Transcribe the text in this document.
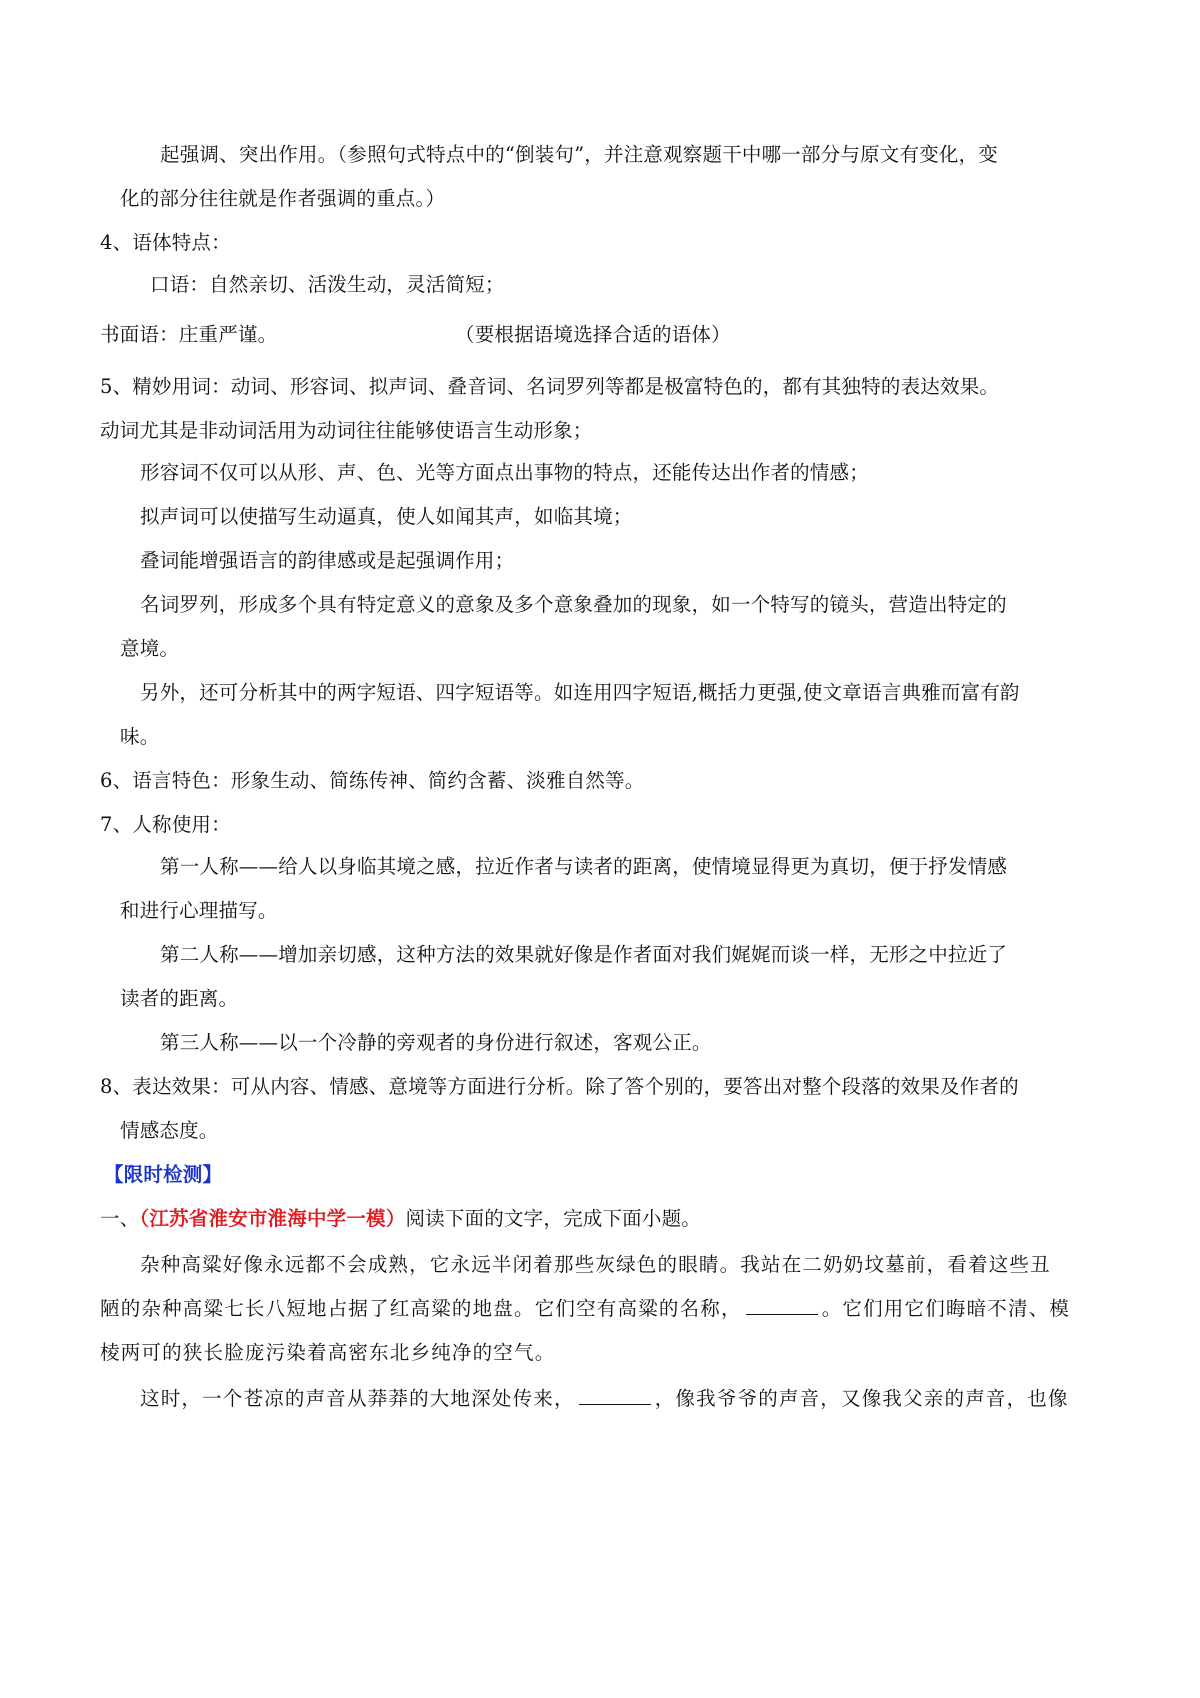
起强调、突出作用。（参照句式特点中的“倒装句”，并注意观察题干中哪一部分与原文有变化，变
化的部分往往就是作者强调的重点。）
4、语体特点：
口语：自然亲切、活泼生动，灵活简短；
书面语：庄重严谨。	（要根据语境选择合适的语体）
5、精妙用词：动词、形容词、拟声词、叠音词、名词罗列等都是极富特色的，都有其独特的表达效果。
动词尤其是非动词活用为动词往往能够使语言生动形象；
形容词不仅可以从形、声、色、光等方面点出事物的特点，还能传达出作者的情感；
拟声词可以使描写生动逼真，使人如闻其声，如临其境；
叠词能增强语言的韵律感或是起强调作用；
名词罗列，形成多个具有特定意义的意象及多个意象叠加的现象，如一个特写的镜头，营造出特定的
意境。
另外，还可分析其中的两字短语、四字短语等。如连用四字短语,概括力更强,使文章语言典雅而富有韵
味。
6、语言特色：形象生动、简练传神、简约含蓄、淡雅自然等。
7、人称使用：
第一人称——给人以身临其境之感，拉近作者与读者的距离，使情境显得更为真切，便于抒发情感
和进行心理描写。
第二人称——增加亲切感，这种方法的效果就好像是作者面对我们娓娓而谈一样，无形之中拉近了
读者的距离。
第三人称——以一个冷静的旁观者的身份进行叙述，客观公正。
8、表达效果：可从内容、情感、意境等方面进行分析。除了答个别的，要答出对整个段落的效果及作者的
情感态度。
【限时检测】
一、（江苏省淮安市淮海中学一模）阅读下面的文字，完成下面小题。
杂种高粱好像永远都不会成熟，它永远半闭着那些灰绿色的眼睛。我站在二奶奶坟墓前，看着这些丑
陋的杂种高粱七长八短地占据了红高粱的地盘。它们空有高粱的名称，	。它们用它们晦暗不清、模
棱两可的狭长脸庞污染着高密东北乡纯净的空气。
这时，一个苍凉的声音从莽莽的大地深处传来，	，像我爷爷的声音，又像我父亲的声音，也像
